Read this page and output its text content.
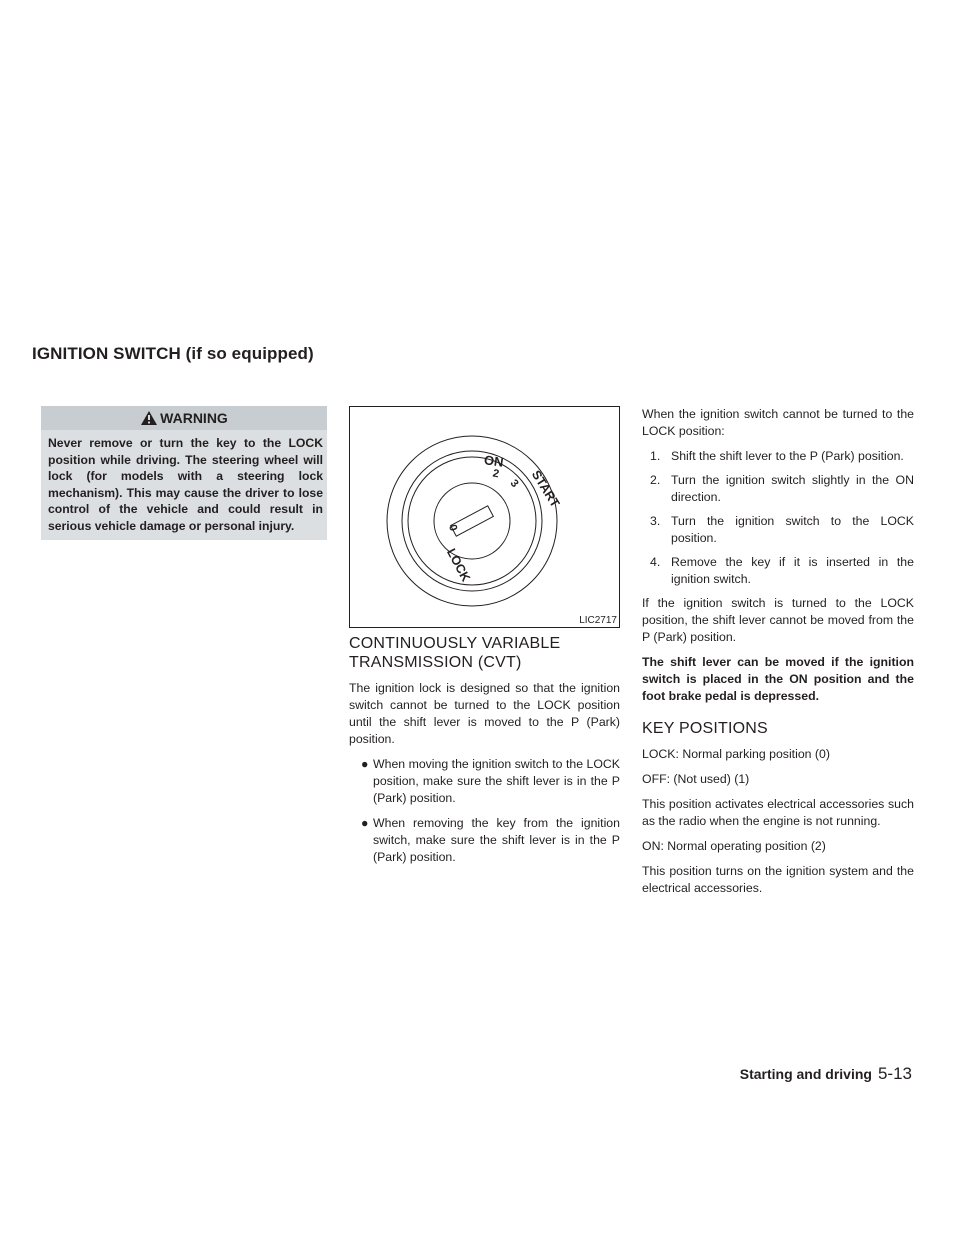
IGNITION SWITCH (if so equipped)
WARNING
Never remove or turn the key to the LOCK position while driving. The steering wheel will lock (for models with a steering lock mechanism). This may cause the driver to lose control of the vehicle and could result in serious vehicle damage or personal injury.
ON
2 START
3
LOCK
0
LIC2717
CONTINUOUSLY VARIABLE
TRANSMISSION (CVT)

The ignition lock is designed so that the ignition switch cannot be turned to the LOCK position until the shift lever is moved to the P (Park) position.

● When moving the ignition switch to the LOCK position, make sure the shift lever is in the P (Park) position.
● When removing the key from the ignition switch, make sure the shift lever is in the P (Park) position.

When the ignition switch cannot be turned to the LOCK position:

1. Shift the shift lever to the P (Park) position.
2. Turn the ignition switch slightly in the ON direction.
3. Turn the ignition switch to the LOCK position.
4. Remove the key if it is inserted in the ignition switch.

If the ignition switch is turned to the LOCK position, the shift lever cannot be moved from the P (Park) position.

The shift lever can be moved if the ignition switch is placed in the ON position and the foot brake pedal is depressed.

KEY POSITIONS

LOCK: Normal parking position (0)

OFF: (Not used) (1)

This position activates electrical accessories such as the radio when the engine is not running.

ON: Normal operating position (2)

This position turns on the ignition system and the electrical accessories.

Starting and driving 5-13
